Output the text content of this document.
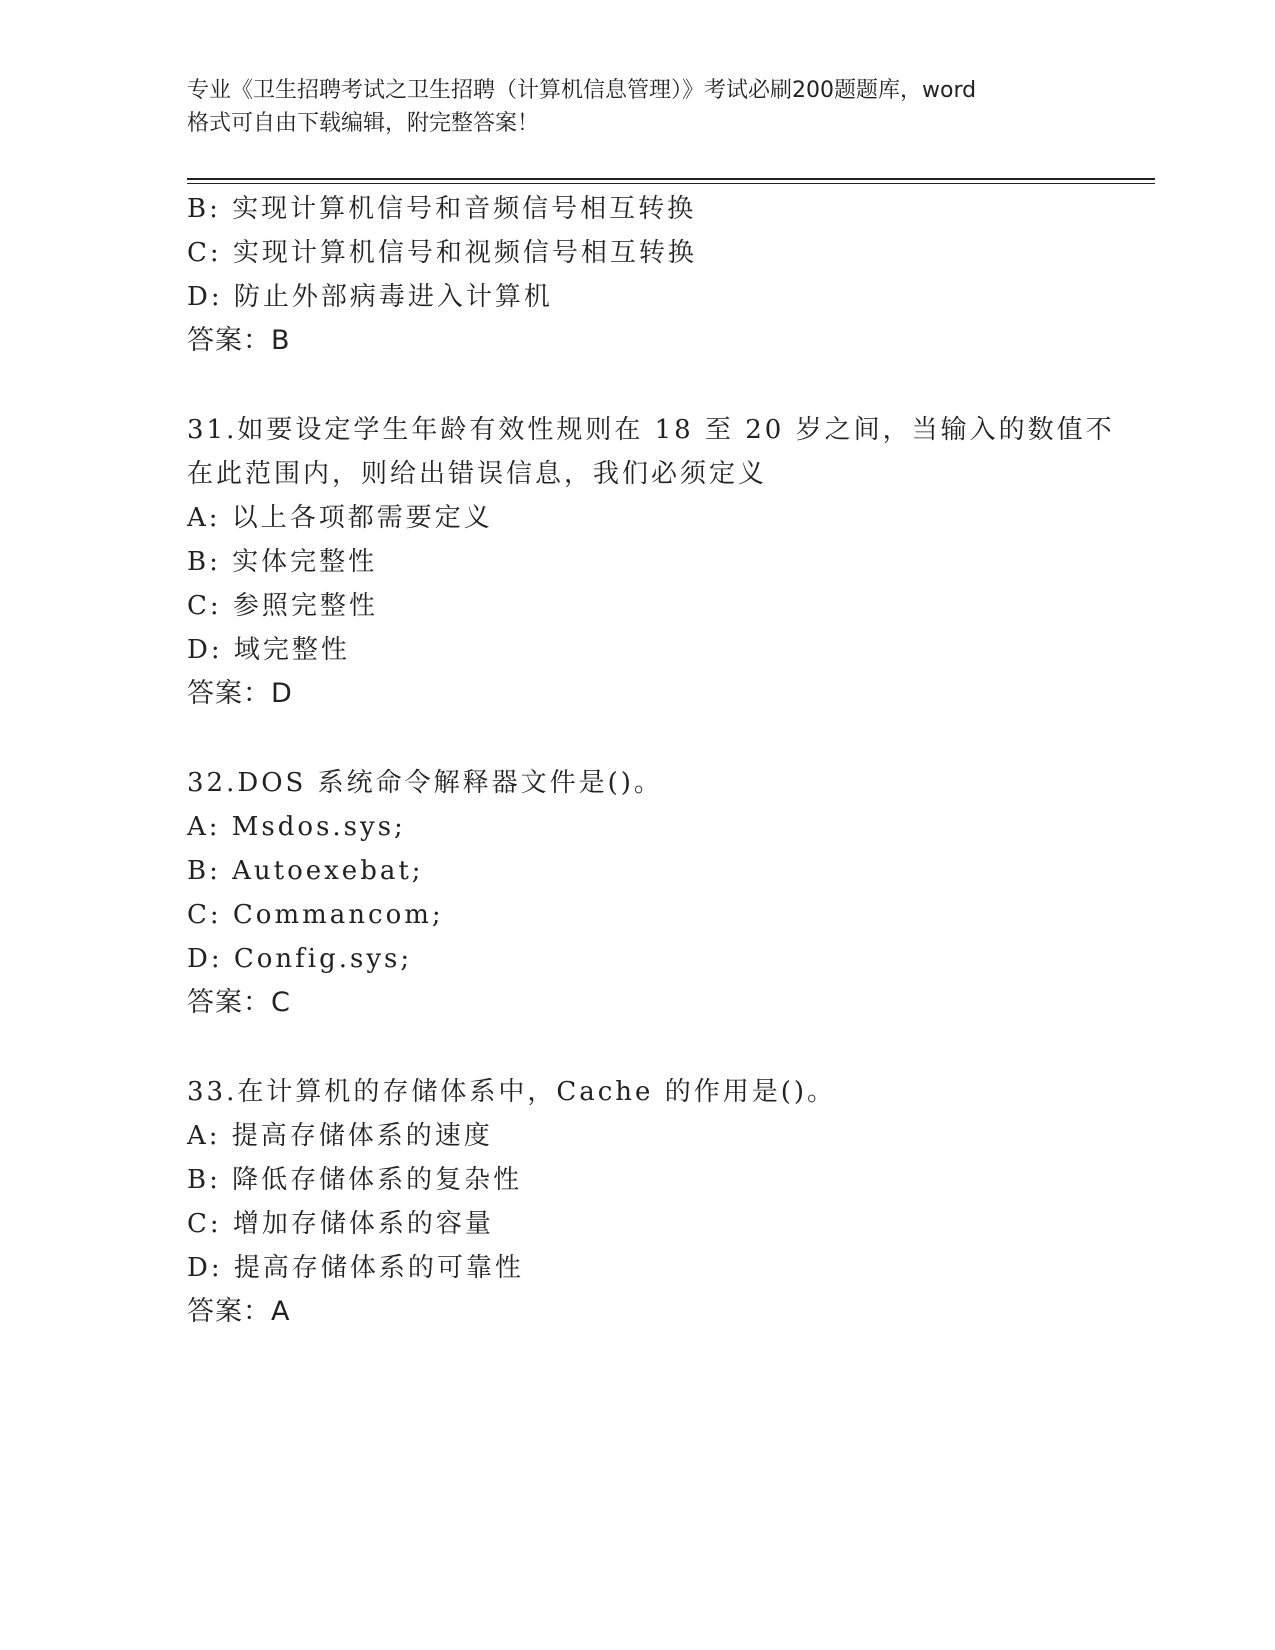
专业《卫生招聘考试之卫生招聘（计算机信息管理）》考试必刷200题题库，word
格式可自由下载编辑，附完整答案！
B: 实现计算机信号和音频信号相互转换
C: 实现计算机信号和视频信号相互转换
D: 防止外部病毒进入计算机
答案：B
31.如要设定学生年龄有效性规则在 18 至 20 岁之间，当输入的数值不
在此范围内，则给出错误信息，我们必须定义
A: 以上各项都需要定义
B: 实体完整性
C: 参照完整性
D: 域完整性
答案：D
32.DOS 系统命令解释器文件是()。
A: Msdos.sys;
B: Autoexebat;
C: Commancom;
D: Config.sys;
答案：C
33.在计算机的存储体系中，Cache 的作用是()。
A: 提高存储体系的速度
B: 降低存储体系的复杂性
C: 增加存储体系的容量
D: 提高存储体系的可靠性
答案：A
